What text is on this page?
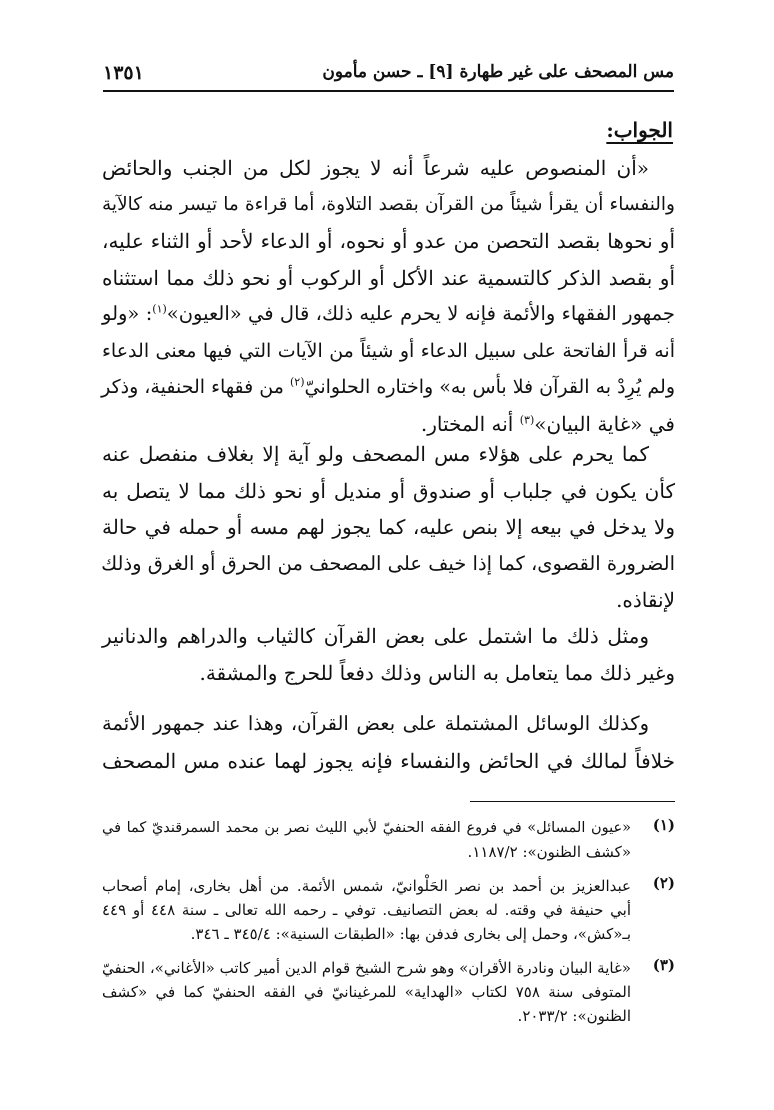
مس المصحف على غير طهارة [٩] ـ حسن مأمون
١٣٥١
الجواب:
«أن المنصوص عليه شرعاً أنه لا يجوز لكل من الجنب والحائض
والنفساء أن يقرأ شيئاً من القرآن بقصد التلاوة، أما قراءة ما تيسر منه كالآية
أو نحوها بقصد التحصن من عدو أو نحوه، أو الدعاء لأحد أو الثناء عليه،
أو بقصد الذكر كالتسمية عند الأكل أو الركوب أو نحو ذلك مما استثناه
جمهور الفقهاء والأئمة فإنه لا يحرم عليه ذلك، قال في «العيون»$^{(١)}$: «ولو
أنه قرأ الفاتحة على سبيل الدعاء أو شيئاً من الآيات التي فيها معنى الدعاء
ولم يُرِدْ به القرآن فلا بأس به» واختاره الحلوانيّ$^{(٢)}$ من فقهاء الحنفية، وذكر
في «غاية البيان»$^{(٣)}$ أنه المختار.
كما يحرم على هؤلاء مس المصحف ولو آية إلا بغلاف منفصل عنه
كأن يكون في جلباب أو صندوق أو منديل أو نحو ذلك مما لا يتصل به
ولا يدخل في بيعه إلا بنص عليه، كما يجوز لهم مسه أو حمله في حالة
الضرورة القصوى، كما إذا خيف على المصحف من الحرق أو الغرق وذلك
لإنقاذه.
ومثل ذلك ما اشتمل على بعض القرآن كالثياب والدراهم والدنانير
وغير ذلك مما يتعامل به الناس وذلك دفعاً للحرج والمشقة.
وكذلك الوسائل المشتملة على بعض القرآن، وهذا عند جمهور الأئمة
خلافاً لمالك في الحائض والنفساء فإنه يجوز لهما عنده مس المصحف
(١)
«عيون المسائل» في فروع الفقه الحنفيّ لأبي الليث نصر بن محمد السمرقنديّ كما في
«كشف الظنون»: ١١٨٧/٢.
(٢)
عبدالعزيز بن أحمد بن نصر الحَلْوانيّ، شمس الأئمة. من أهل بخارى، إمام أصحاب
أبي حنيفة في وقته. له بعض التصانيف. توفي ـ رحمه الله تعالى ـ سنة ٤٤٨ أو ٤٤٩
بـ«كش»، وحمل إلى بخارى فدفن بها: «الطبقات السنية»: ٣٤٥/٤ ـ ٣٤٦.
(٣)
«غاية البيان ونادرة الأقران» وهو شرح الشيخ قوام الدين أمير كاتب «الأغاني»، الحنفيّ
المتوفى سنة ٧٥٨ لكتاب «الهداية» للمرغينانيّ في الفقه الحنفيّ كما في «كشف
الظنون»: ٢٠٣٣/٢.
